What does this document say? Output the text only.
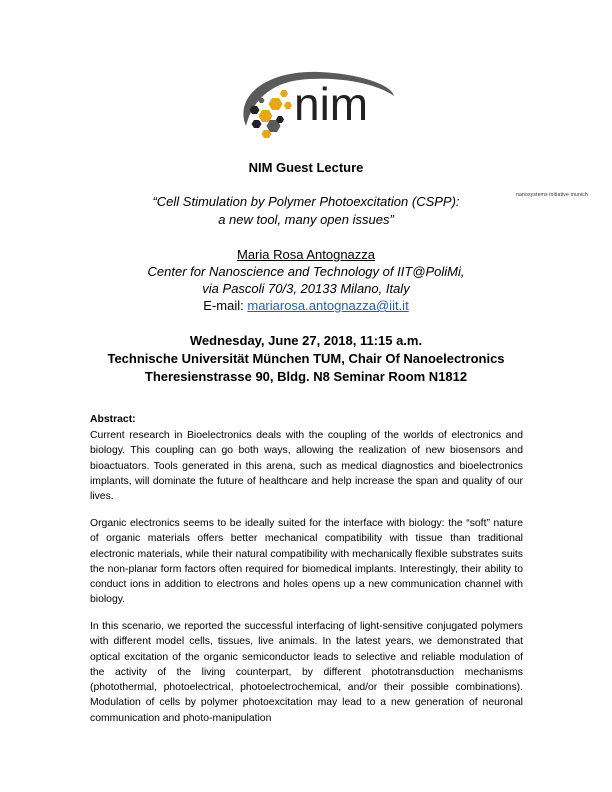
nim
nanosystems initiative munich
NIM Guest Lecture
“Cell Stimulation by Polymer Photoexcitation (CSPP):
a new tool, many open issues”
Maria Rosa Antognazza
Center for Nanoscience and Technology of IIT@PoliMi,
via Pascoli 70/3, 20133 Milano, Italy
E-mail: mariarosa.antognazza@iit.it
Wednesday, June 27, 2018, 11:15 a.m.
Technische Universität München TUM, Chair Of Nanoelectronics
Theresienstrasse 90, Bldg. N8 Seminar Room N1812
Abstract:
Current research in Bioelectronics deals with the coupling of the worlds of electronics and biology. This coupling can go both ways, allowing the realization of new biosensors and bioactuators. Tools generated in this arena, such as medical diagnostics and bioelectronics implants, will dominate the future of healthcare and help increase the span and quality of our lives.
Organic electronics seems to be ideally suited for the interface with biology: the “soft” nature of organic materials offers better mechanical compatibility with tissue than traditional electronic materials, while their natural compatibility with mechanically flexible substrates suits the non-planar form factors often required for biomedical implants. Interestingly, their ability to conduct ions in addition to electrons and holes opens up a new communication channel with biology.
In this scenario, we reported the successful interfacing of light-sensitive conjugated polymers with different model cells, tissues, live animals. In the latest years, we demonstrated that optical excitation of the organic semiconductor leads to selective and reliable modulation of the activity of the living counterpart, by different phototransduction mechanisms (photothermal, photoelectrical, photoelectrochemical, and/or their possible combinations). Modulation of cells by polymer photoexcitation may lead to a new generation of neuronal communication and photo-manipulation
